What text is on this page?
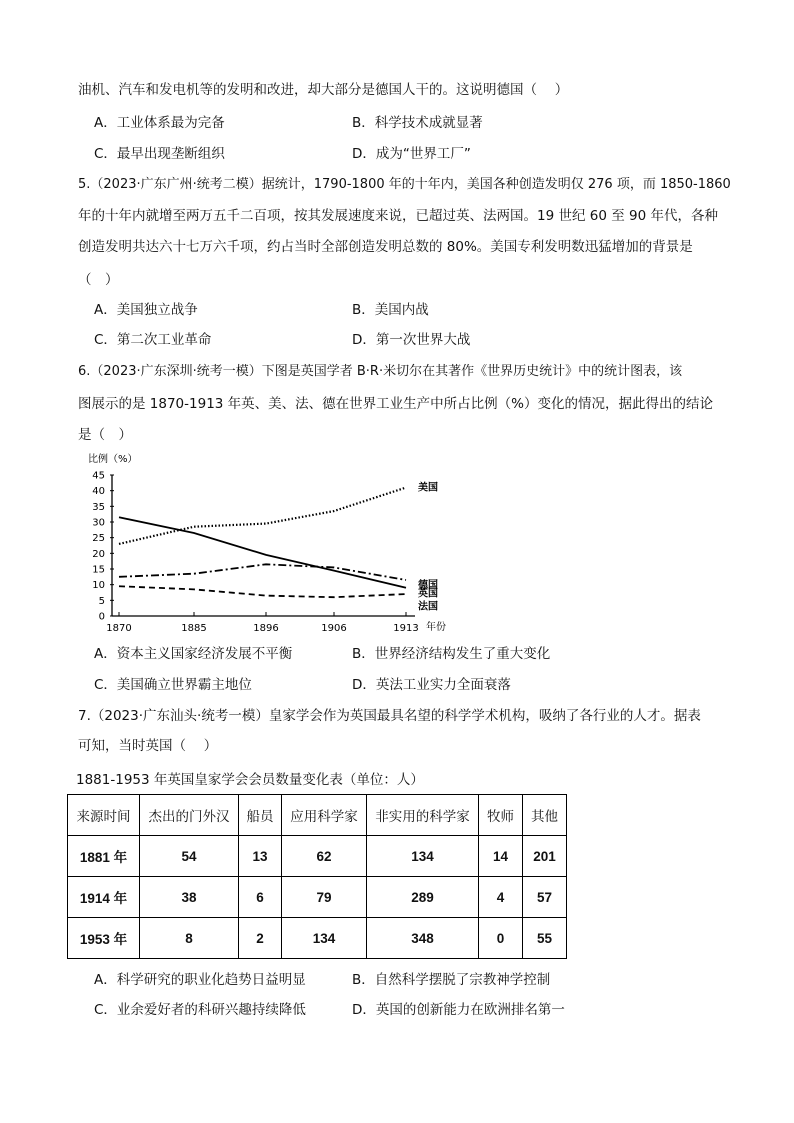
油机、汽车和发电机等的发明和改进，却大部分是德国人干的。这说明德国（　 ）
A．工业体系最为完备	B．科学技术成就显著
C．最早出现垄断组织	D．成为“世界工厂”
5.（2023·广东广州·统考二模）据统计，1790-1800 年的十年内，美国各种创造发明仅 276 项，而 1850-1860
年的十年内就增至两万五千二百项，按其发展速度来说，已超过英、法两国。19 世纪 60 至 90 年代，各种
创造发明共达六十七万六千项，约占当时全部创造发明总数的 80%。美国专利发明数迅猛增加的背景是
（　）
A．美国独立战争	B．美国内战
C．第二次工业革命	D．第一次世界大战
6.（2023·广东深圳·统考一模）下图是英国学者 B·R·米切尔在其著作《世界历史统计》中的统计图表，该
图展示的是 1870-1913 年英、美、法、德在世界工业生产中所占比例（%）变化的情况，据此得出的结论
是（　）
比例（%）
年份
0
5
10
15
20
25
30
35
40
45
1870	1885	1896	1906	1913
美国
德国
英国
法国
A．资本主义国家经济发展不平衡	B．世界经济结构发生了重大变化
C．美国确立世界霸主地位	D．英法工业实力全面衰落
7.（2023·广东汕头·统考一模）皇家学会作为英国最具名望的科学学术机构，吸纳了各行业的人才。据表
可知，当时英国（　 ）
1881-1953 年英国皇家学会会员数量变化表（单位：人）
来源时间	杰出的门外汉	船员	应用科学家	非实用的科学家	牧师	其他
1881 年	54	13	62	134	14	201
1914 年	38	6	79	289	4	57
1953 年	8	2	134	348	0	55
A．科学研究的职业化趋势日益明显	B．自然科学摆脱了宗教神学控制
C．业余爱好者的科研兴趣持续降低	D．英国的创新能力在欧洲排名第一
